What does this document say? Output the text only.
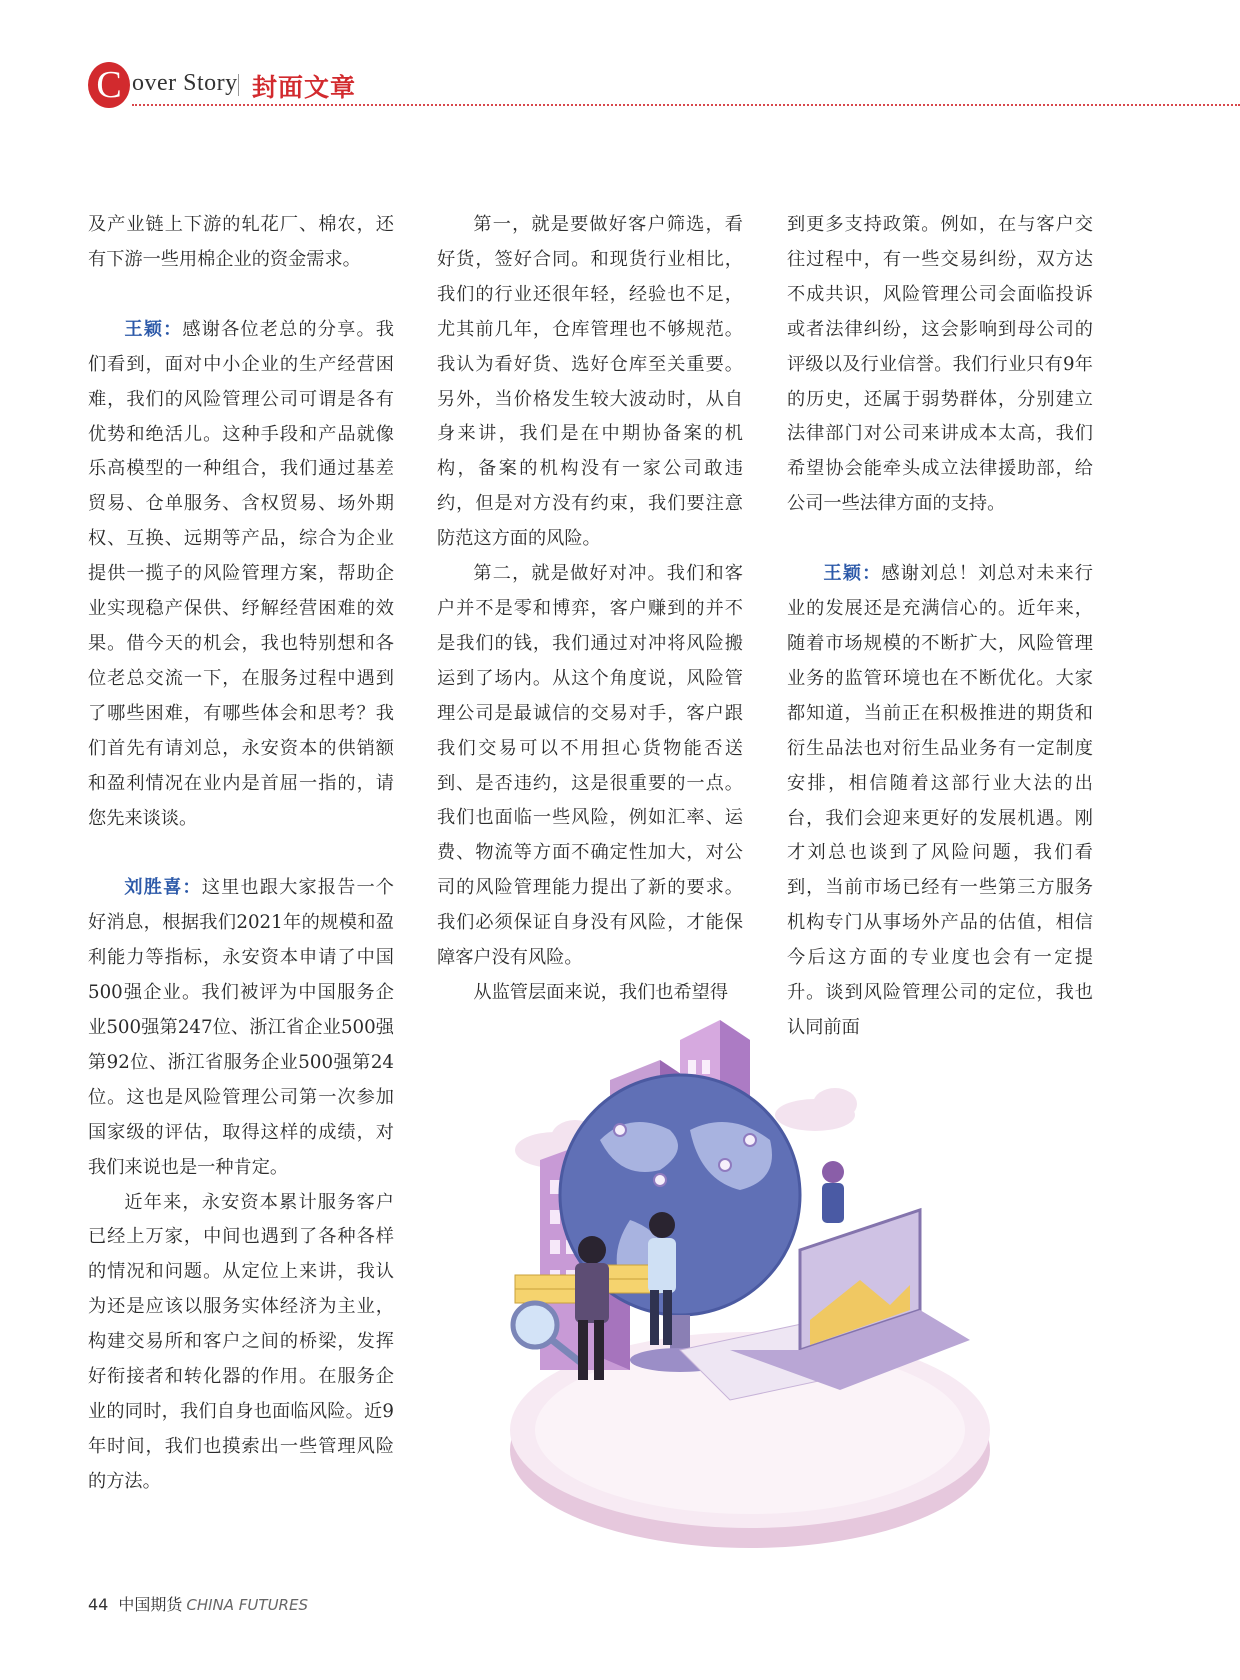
C over Story 封面文章

及产业链上下游的轧花厂、棉农，还有下游一些用棉企业的资金需求。

王颖：感谢各位老总的分享。我们看到，面对中小企业的生产经营困难，我们的风险管理公司可谓是各有优势和绝活儿。这种手段和产品就像乐高模型的一种组合，我们通过基差贸易、仓单服务、含权贸易、场外期权、互换、远期等产品，综合为企业提供一揽子的风险管理方案，帮助企业实现稳产保供、纾解经营困难的效果。借今天的机会，我也特别想和各位老总交流一下，在服务过程中遇到了哪些困难，有哪些体会和思考？我们首先有请刘总，永安资本的供销额和盈利情况在业内是首屈一指的，请您先来谈谈。

刘胜喜：这里也跟大家报告一个好消息，根据我们2021年的规模和盈利能力等指标，永安资本申请了中国500强企业。我们被评为中国服务企业500强第247位、浙江省企业500强第92位、浙江省服务企业500强第24位。这也是风险管理公司第一次参加国家级的评估，取得这样的成绩，对我们来说也是一种肯定。

近年来，永安资本累计服务客户已经上万家，中间也遇到了各种各样的情况和问题。从定位上来讲，我认为还是应该以服务实体经济为主业，构建交易所和客户之间的桥梁，发挥好衔接者和转化器的作用。在服务企业的同时，我们自身也面临风险。近9年时间，我们也摸索出一些管理风险的方法。

第一，就是要做好客户筛选，看好货，签好合同。和现货行业相比，我们的行业还很年轻，经验也不足，尤其前几年，仓库管理也不够规范。我认为看好货、选好仓库至关重要。另外，当价格发生较大波动时，从自身来讲，我们是在中期协备案的机构，备案的机构没有一家公司敢违约，但是对方没有约束，我们要注意防范这方面的风险。

第二，就是做好对冲。我们和客户并不是零和博弈，客户赚到的并不是我们的钱，我们通过对冲将风险搬运到了场内。从这个角度说，风险管理公司是最诚信的交易对手，客户跟我们交易可以不用担心货物能否送到、是否违约，这是很重要的一点。我们也面临一些风险，例如汇率、运费、物流等方面不确定性加大，对公司的风险管理能力提出了新的要求。我们必须保证自身没有风险，才能保障客户没有风险。

从监管层面来说，我们也希望得

到更多支持政策。例如，在与客户交往过程中，有一些交易纠纷，双方达不成共识，风险管理公司会面临投诉或者法律纠纷，这会影响到母公司的评级以及行业信誉。我们行业只有9年的历史，还属于弱势群体，分别建立法律部门对公司来讲成本太高，我们希望协会能牵头成立法律援助部，给公司一些法律方面的支持。

王颖：感谢刘总！刘总对未来行业的发展还是充满信心的。近年来，随着市场规模的不断扩大，风险管理业务的监管环境也在不断优化。大家都知道，当前正在积极推进的期货和衍生品法也对衍生品业务有一定制度安排，相信随着这部行业大法的出台，我们会迎来更好的发展机遇。刚才刘总也谈到了风险问题，我们看到，当前市场已经有一些第三方服务机构专门从事场外产品的估值，相信今后这方面的专业度也会有一定提升。谈到风险管理公司的定位，我也认同前面

44 中国期货 CHINA FUTURES
